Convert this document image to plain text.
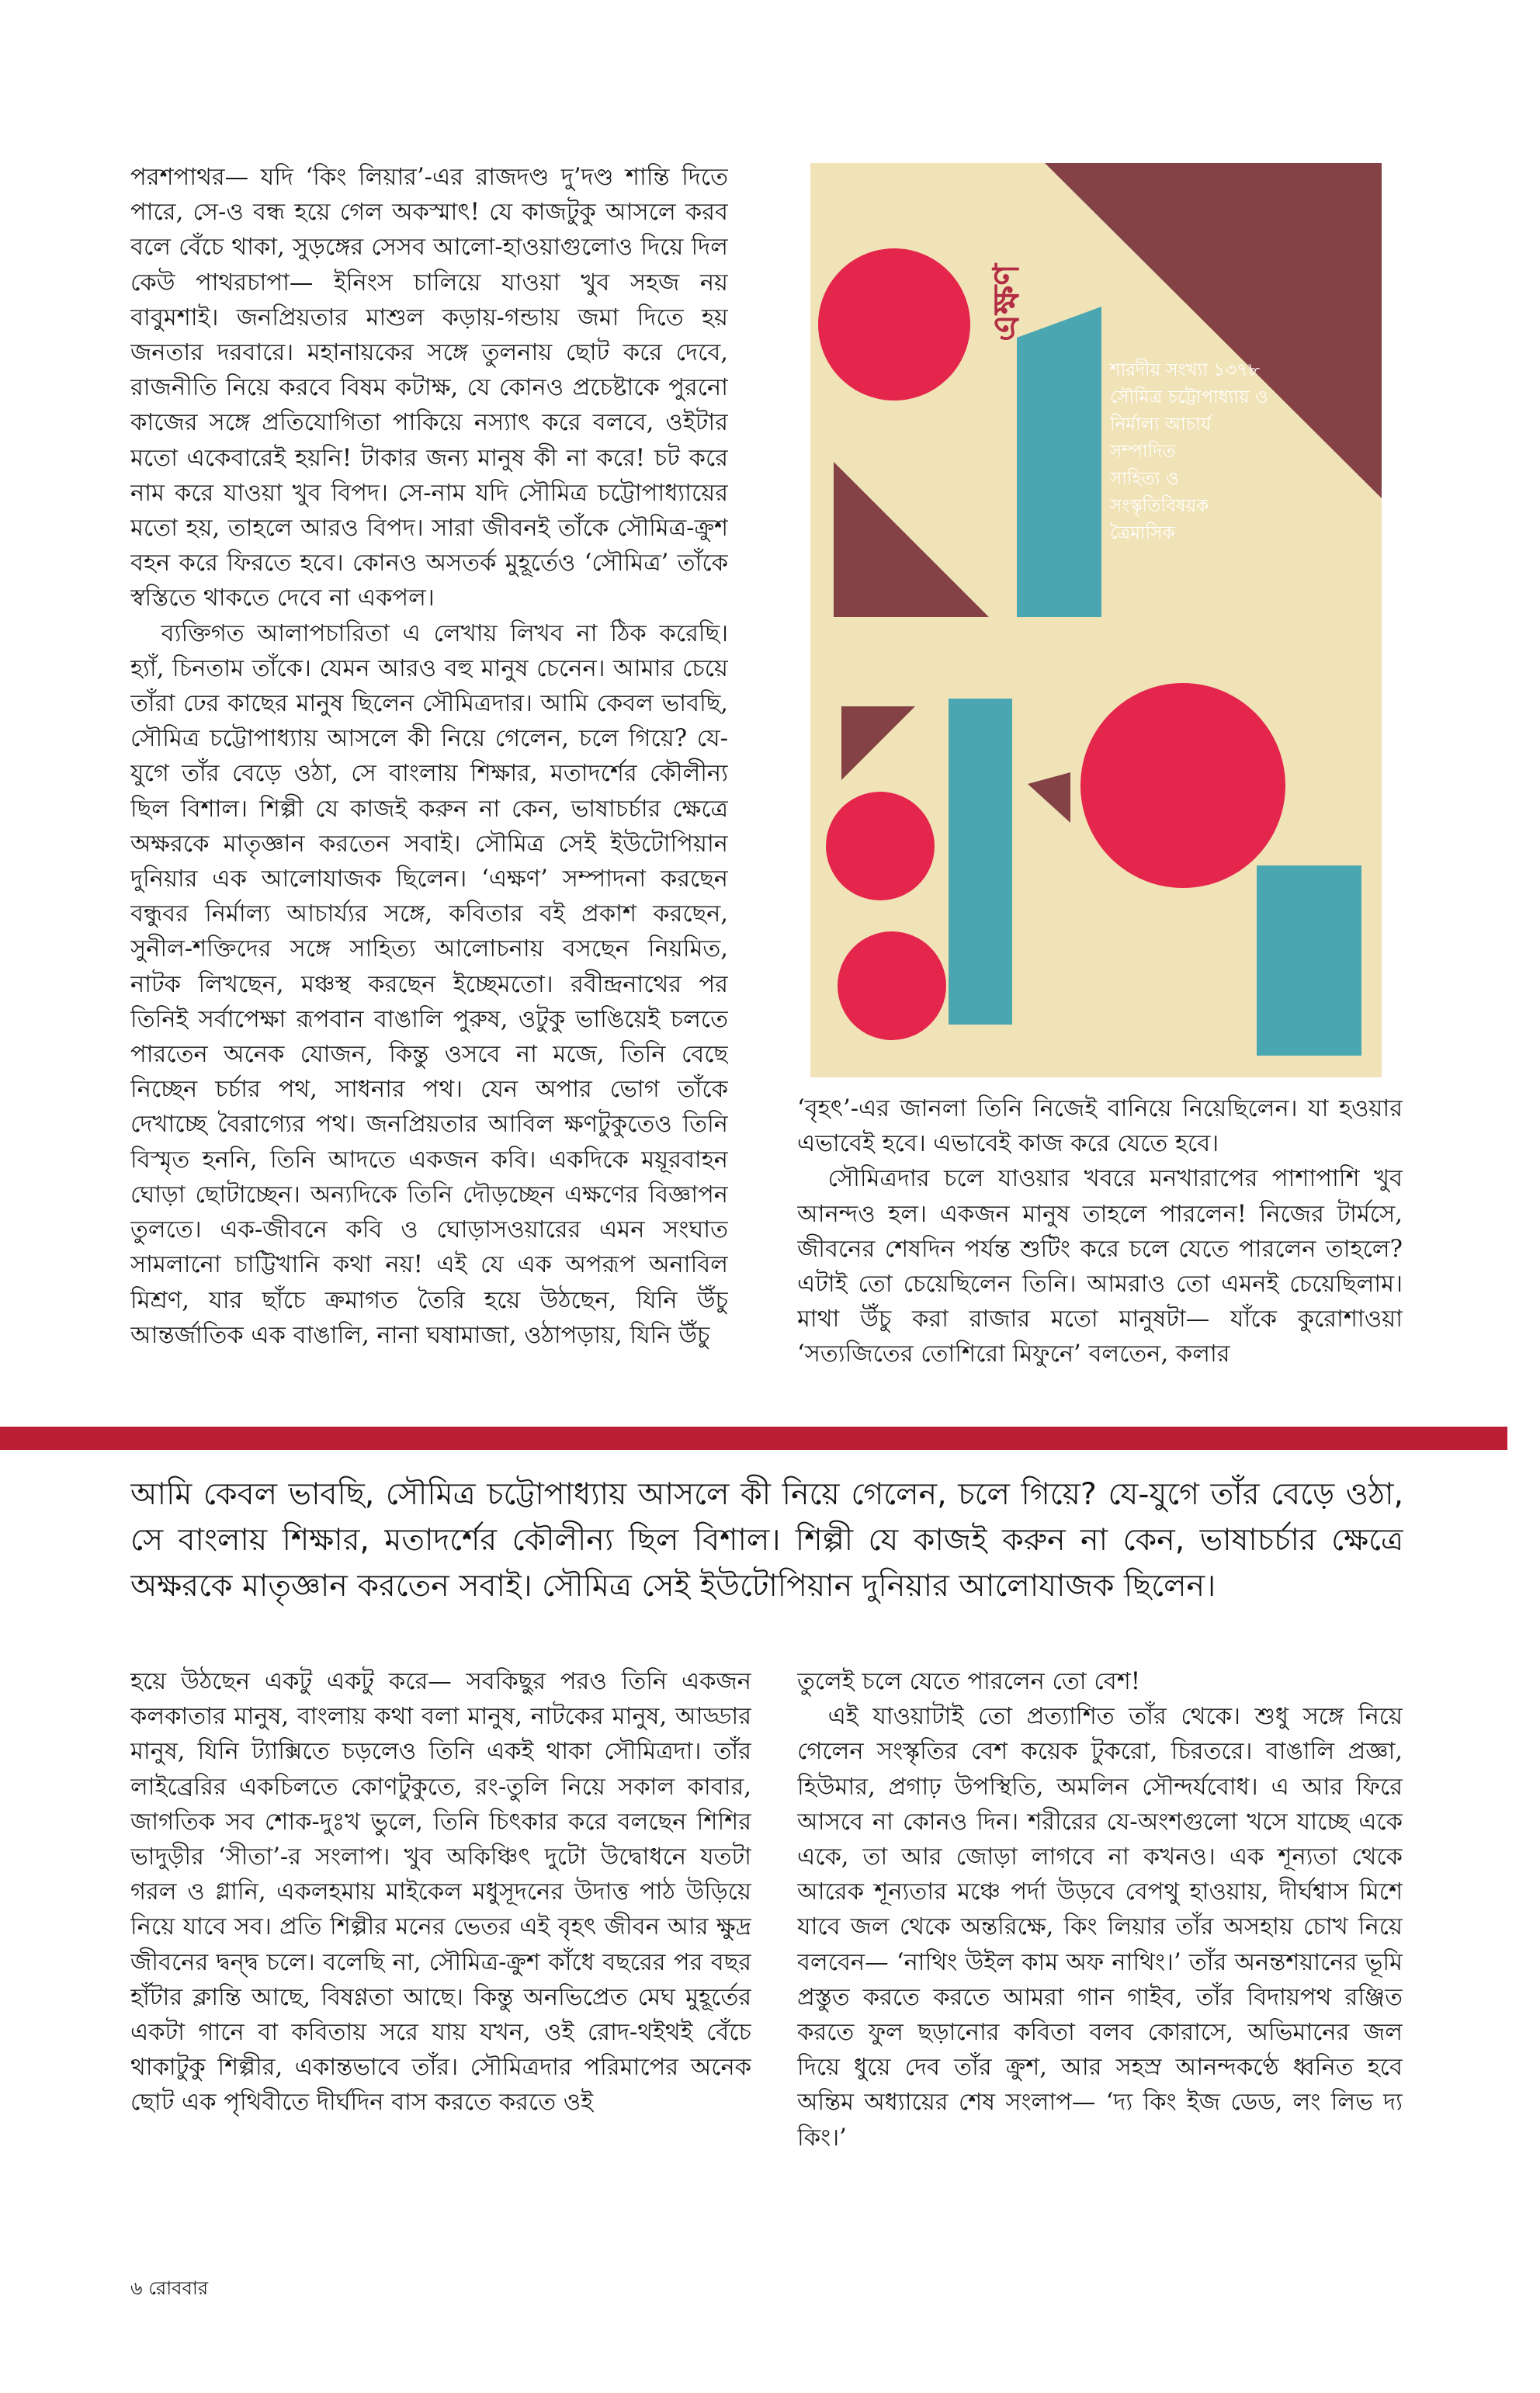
পরশপাথর— যদি ‘কিং লিয়ার’-এর রাজদণ্ড দু’দণ্ড শান্তি দিতে পারে, সে-ও বন্ধ হয়ে গেল অকস্মাৎ! যে কাজটুকু আসলে করব বলে বেঁচে থাকা, সুড়ঙ্গের সেসব আলো-হাওয়াগুলোও দিয়ে দিল কেউ পাথরচাপা— ইনিংস চালিয়ে যাওয়া খুব সহজ নয় বাবুমশাই। জনপ্রিয়তার মাশুল কড়ায়-গন্ডায় জমা দিতে হয় জনতার দরবারে। মহানায়কের সঙ্গে তুলনায় ছোট করে দেবে, রাজনীতি নিয়ে করবে বিষম কটাক্ষ, যে কোনও প্রচেষ্টাকে পুরনো কাজের সঙ্গে প্রতিযোগিতা পাকিয়ে নস্যাৎ করে বলবে, ওইটার মতো একেবারেই হয়নি! টাকার জন্য মানুষ কী না করে! চট করে নাম করে যাওয়া খুব বিপদ। সে-নাম যদি সৌমিত্র চট্টোপাধ্যায়ের মতো হয়, তাহলে আরও বিপদ। সারা জীবনই তাঁকে সৌমিত্র-ক্রুশ বহন করে ফিরতে হবে। কোনও অসতর্ক মুহূর্তেও ‘সৌমিত্র’ তাঁকে স্বস্তিতে থাকতে দেবে না একপল।

ব্যক্তিগত আলাপচারিতা এ লেখায় লিখব না ঠিক করেছি। হ্যাঁ, চিনতাম তাঁকে। যেমন আরও বহু মানুষ চেনেন। আমার চেয়ে তাঁরা ঢের কাছের মানুষ ছিলেন সৌমিত্রদার। আমি কেবল ভাবছি, সৌমিত্র চট্টোপাধ্যায় আসলে কী নিয়ে গেলেন, চলে গিয়ে? যে-যুগে তাঁর বেড়ে ওঠা, সে বাংলায় শিক্ষার, মতাদর্শের কৌলীন্য ছিল বিশাল। শিল্পী যে কাজই করুন না কেন, ভাষাচর্চার ক্ষেত্রে অক্ষরকে মাতৃজ্ঞান করতেন সবাই। সৌমিত্র সেই ইউটোপিয়ান দুনিয়ার এক আলোযাজক ছিলেন। ‘এক্ষণ’ সম্পাদনা করছেন বন্ধুবর নির্মাল্য আচার্য্যর সঙ্গে, কবিতার বই প্রকাশ করছেন, সুনীল-শক্তিদের সঙ্গে সাহিত্য আলোচনায় বসছেন নিয়মিত, নাটক লিখছেন, মঞ্চস্থ করছেন ইচ্ছেমতো। রবীন্দ্রনাথের পর তিনিই সর্বাপেক্ষা রূপবান বাঙালি পুরুষ, ওটুকু ভাঙিয়েই চলতে পারতেন অনেক যোজন, কিন্তু ওসবে না মজে, তিনি বেছে নিচ্ছেন চর্চার পথ, সাধনার পথ। যেন অপার ভোগ তাঁকে দেখাচ্ছে বৈরাগ্যের পথ। জনপ্রিয়তার আবিল ক্ষণটুকুতেও তিনি বিস্মৃত হননি, তিনি আদতে একজন কবি। একদিকে ময়ূরবাহন ঘোড়া ছোটাচ্ছেন। অন্যদিকে তিনি দৌড়চ্ছেন এক্ষণের বিজ্ঞাপন তুলতে। এক-জীবনে কবি ও ঘোড়াসওয়ারের এমন সংঘাত সামলানো চাট্টিখানি কথা নয়! এই যে এক অপরূপ অনাবিল মিশ্রণ, যার ছাঁচে ক্রমাগত তৈরি হয়ে উঠছেন, যিনি উঁচু আন্তর্জাতিক এক বাঙালি, নানা ঘষামাজা, ওঠাপড়ায়, যিনি উঁচু

এক্ষণ
শারদীয় সংখ্যা ১৩৭৮
সৌমিত্র চট্টোপাধ্যায় ও
নির্মাল্য আচার্য
সম্পাদিত
সাহিত্য ও
সংস্কৃতিবিষয়ক
ত্রৈমাসিক

‘বৃহৎ’-এর জানলা তিনি নিজেই বানিয়ে নিয়েছিলেন। যা হওয়ার এভাবেই হবে। এভাবেই কাজ করে যেতে হবে।

সৌমিত্রদার চলে যাওয়ার খবরে মনখারাপের পাশাপাশি খুব আনন্দও হল। একজন মানুষ তাহলে পারলেন! নিজের টার্মসে, জীবনের শেষদিন পর্যন্ত শুটিং করে চলে যেতে পারলেন তাহলে? এটাই তো চেয়েছিলেন তিনি। আমরাও তো এমনই চেয়েছিলাম। মাথা উঁচু করা রাজার মতো মানুষটা— যাঁকে কুরোশাওয়া ‘সত্যজিতের তোশিরো মিফুনে’ বলতেন, কলার

আমি কেবল ভাবছি, সৌমিত্র চট্টোপাধ্যায় আসলে কী নিয়ে গেলেন, চলে গিয়ে? যে-যুগে তাঁর বেড়ে ওঠা, সে বাংলায় শিক্ষার, মতাদর্শের কৌলীন্য ছিল বিশাল। শিল্পী যে কাজই করুন না কেন, ভাষাচর্চার ক্ষেত্রে অক্ষরকে মাতৃজ্ঞান করতেন সবাই। সৌমিত্র সেই ইউটোপিয়ান দুনিয়ার আলোযাজক ছিলেন।

হয়ে উঠছেন একটু একটু করে— সবকিছুর পরও তিনি একজন কলকাতার মানুষ, বাংলায় কথা বলা মানুষ, নাটকের মানুষ, আড্ডার মানুষ, যিনি ট্যাক্সিতে চড়লেও তিনি একই থাকা সৌমিত্রদা। তাঁর লাইব্রেরির একচিলতে কোণটুকুতে, রং-তুলি নিয়ে সকাল কাবার, জাগতিক সব শোক-দুঃখ ভুলে, তিনি চিৎকার করে বলছেন শিশির ভাদুড়ীর ‘সীতা’-র সংলাপ। খুব অকিঞ্চিৎ দুটো উদ্বোধনে যতটা গরল ও গ্লানি, একলহমায় মাইকেল মধুসূদনের উদাত্ত পাঠ উড়িয়ে নিয়ে যাবে সব। প্রতি শিল্পীর মনের ভেতর এই বৃহৎ জীবন আর ক্ষুদ্র জীবনের দ্বন্দ্ব চলে। বলেছি না, সৌমিত্র-ক্রুশ কাঁধে বছরের পর বছর হাঁটার ক্লান্তি আছে, বিষণ্ণতা আছে। কিন্তু অনভিপ্রেত মেঘ মুহূর্তের একটা গানে বা কবিতায় সরে যায় যখন, ওই রোদ-থইথই বেঁচে থাকাটুকু শিল্পীর, একান্তভাবে তাঁর। সৌমিত্রদার পরিমাপের অনেক ছোট এক পৃথিবীতে দীর্ঘদিন বাস করতে করতে ওই

তুলেই চলে যেতে পারলেন তো বেশ!

এই যাওয়াটাই তো প্রত্যাশিত তাঁর থেকে। শুধু সঙ্গে নিয়ে গেলেন সংস্কৃতির বেশ কয়েক টুকরো, চিরতরে। বাঙালি প্রজ্ঞা, হিউমার, প্রগাঢ় উপস্থিতি, অমলিন সৌন্দর্যবোধ। এ আর ফিরে আসবে না কোনও দিন। শরীরের যে-অংশগুলো খসে যাচ্ছে একে একে, তা আর জোড়া লাগবে না কখনও। এক শূন্যতা থেকে আরেক শূন্যতার মঞ্চে পর্দা উড়বে বেপথু হাওয়ায়, দীর্ঘশ্বাস মিশে যাবে জল থেকে অন্তরিক্ষে, কিং লিয়ার তাঁর অসহায় চোখ নিয়ে বলবেন— ‘নাথিং উইল কাম অফ নাথিং।’ তাঁর অনন্তশয়ানের ভূমি প্রস্তুত করতে করতে আমরা গান গাইব, তাঁর বিদায়পথ রঞ্জিত করতে ফুল ছড়ানোর কবিতা বলব কোরাসে, অভিমানের জল দিয়ে ধুয়ে দেব তাঁর ক্রুশ, আর সহস্র আনন্দকণ্ঠে ধ্বনিত হবে অন্তিম অধ্যায়ের শেষ সংলাপ— ‘দ্য কিং ইজ ডেড, লং লিভ দ্য কিং।’

৬ রোববার
